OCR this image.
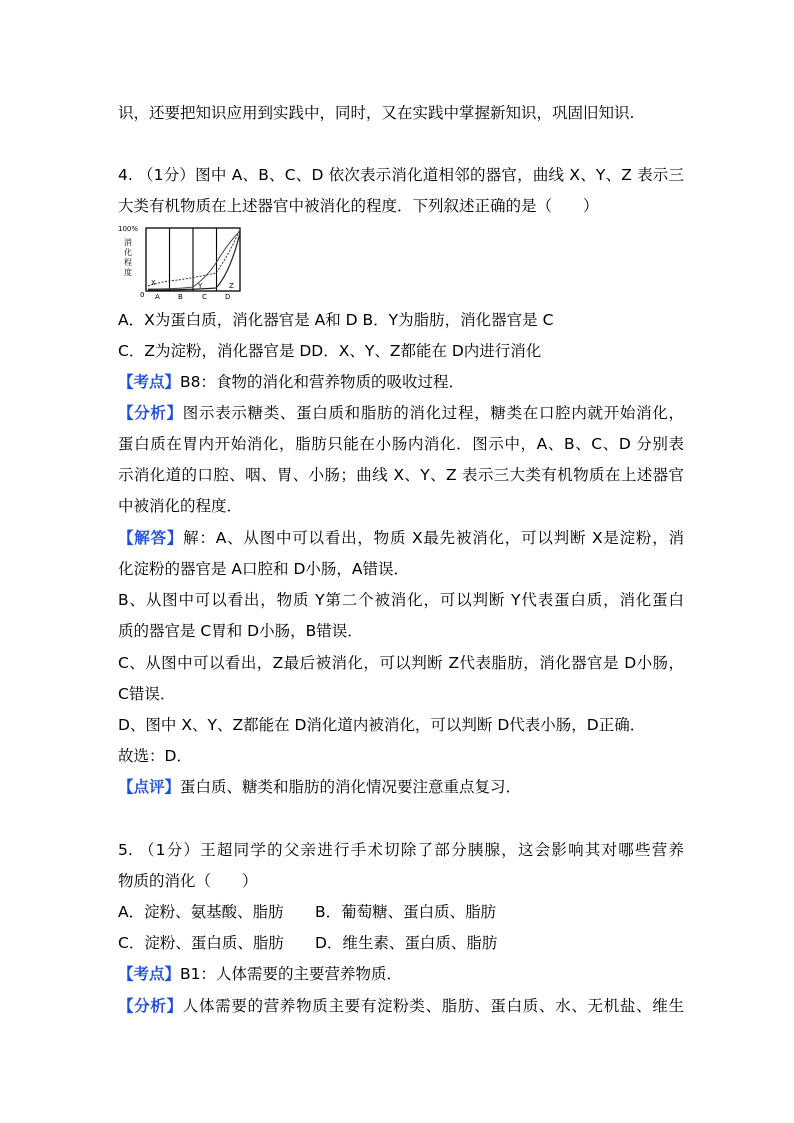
识，还要把知识应用到实践中，同时，又在实践中掌握新知识，巩固旧知识.
4. （1分）图中 A、B、C、D 依次表示消化道相邻的器官，曲线 X、Y、Z 表示三
大类有机物质在上述器官中被消化的程度．下列叙述正确的是（　　）
100%
消
化
程
度
0
X	Y	Z
A	B	C	D
A．X为蛋白质，消化器官是 A和 D B．Y为脂肪，消化器官是 C
C．Z为淀粉，消化器官是 DD．X、Y、Z都能在 D内进行消化
【考点】B8：食物的消化和营养物质的吸收过程．
【分析】图示表示糖类、蛋白质和脂肪的消化过程，糖类在口腔内就开始消化，
蛋白质在胃内开始消化，脂肪只能在小肠内消化．图示中，A、B、C、D 分别表
示消化道的口腔、咽、胃、小肠；曲线 X、Y、Z 表示三大类有机物质在上述器官
中被消化的程度．
【解答】解：A、从图中可以看出，物质 X最先被消化，可以判断 X是淀粉，消
化淀粉的器官是 A口腔和 D小肠，A错误．
B、从图中可以看出，物质 Y第二个被消化，可以判断 Y代表蛋白质，消化蛋白
质的器官是 C胃和 D小肠，B错误．
C、从图中可以看出，Z最后被消化，可以判断 Z代表脂肪，消化器官是 D小肠，
C错误．
D、图中 X、Y、Z都能在 D消化道内被消化，可以判断 D代表小肠，D正确．
故选：D．
【点评】蛋白质、糖类和脂肪的消化情况要注意重点复习．
5. （1分）王超同学的父亲进行手术切除了部分胰腺，这会影响其对哪些营养
物质的消化（　　）
A．淀粉、氨基酸、脂肪 B．葡萄糖、蛋白质、脂肪
C．淀粉、蛋白质、脂肪 D．维生素、蛋白质、脂肪
【考点】B1：人体需要的主要营养物质．
【分析】人体需要的营养物质主要有淀粉类、脂肪、蛋白质、水、无机盐、维生
